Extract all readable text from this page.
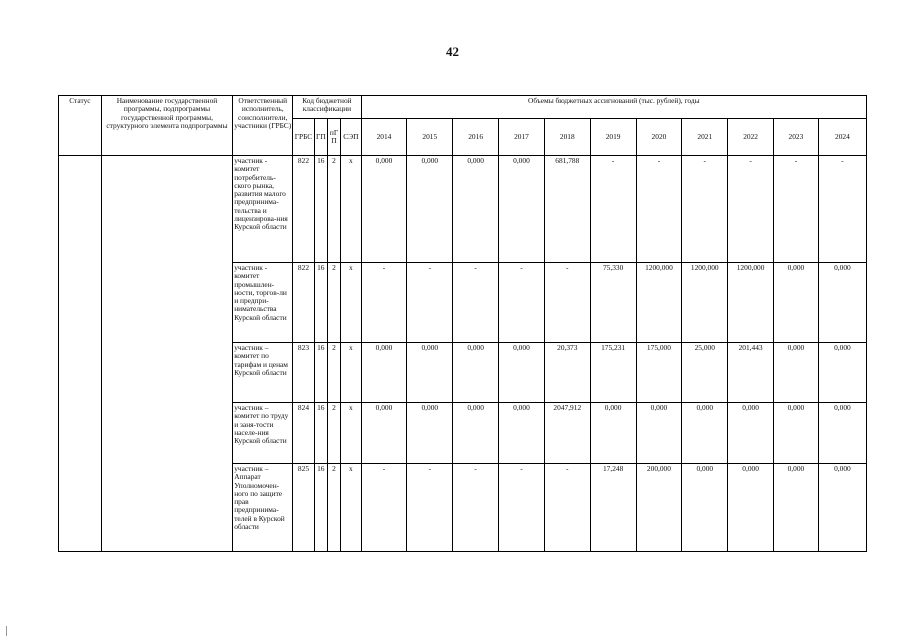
42
Статус	Наименование государственной программы, подпрограммы государственной программы, структурного элемента подпрограммы	Ответственный исполнитель, соисполнители, участники (ГРБС)	Код бюджетной классификации				Объемы бюджетных ассигнований (тыс. рублей), годы										
			ГРБС	ГП	пГП	СЭП	2014	2015	2016	2017	2018	2019	2020	2021	2022	2023	2024
		участник - комитет потребитель-ского рынка, развития малого предпринима-тельства и лицензирова-ния Курской области	822	16	2	х	0,000	0,000	0,000	0,000	681,788	-	-	-	-	-	-
		участник - комитет промышлен-ности, торгов-ли и предпри-нимательства Курской области	822	16	2	х	-	-	-	-	-	75,330	1200,000	1200,000	1200,000	0,000	0,000
		участник – комитет по тарифам и ценам Курской области	823	16	2	х	0,000	0,000	0,000	0,000	20,373	175,231	175,000	25,000	201,443	0,000	0,000
		участник – комитет по труду и заня-тости населе-ния Курской области	824	16	2	х	0,000	0,000	0,000	0,000	2047,912	0,000	0,000	0,000	0,000	0,000	0,000
		участник – Аппарат Уполномочен-ного по защите прав предпринима-телей в Курской области	825	16	2	х	-	-	-	-	-	17,248	200,000	0,000	0,000	0,000	0,000
